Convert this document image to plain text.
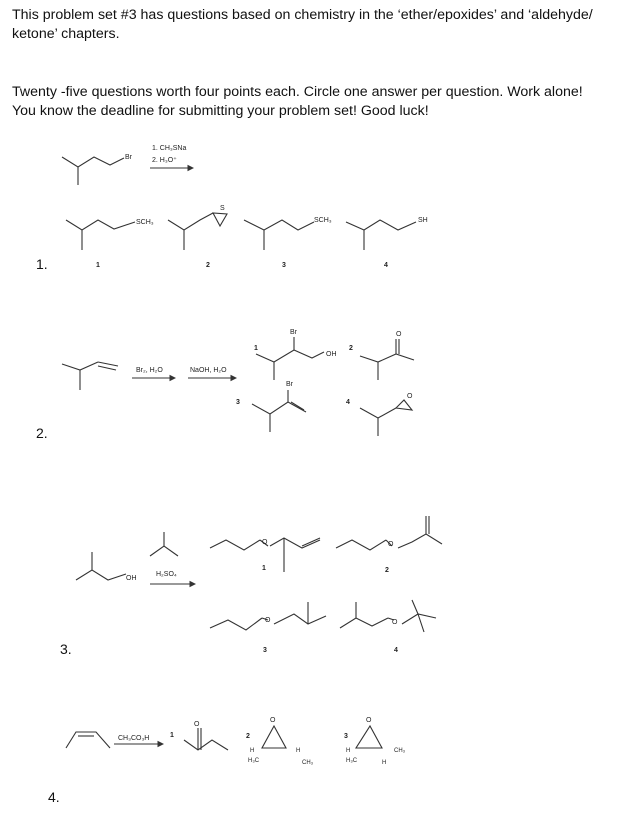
This problem set #3 has questions based on chemistry in the ‘ether/epoxides’ and ‘aldehyde/
ketone’ chapters.
Twenty -five questions worth four points each. Circle one answer per question. Work alone!
You know the deadline for submitting your problem set! Good luck!
1.
2.
3.
4.
Br
1. CH₃SNa
2. H₃O⁺
SCH₃
1
S
2
SCH₃
3
SH
4
Br₂, H₂O	NaOH, H₂O
1
Br
OH
2
O
3
Br
4
O
OH
H₂SO₄
O
1
O
2
O
3
O
4
CH₃CO₃H	1
O
2
O
H
H₃C
H
CH₃
3
O
H
H₃C
CH₃
H
